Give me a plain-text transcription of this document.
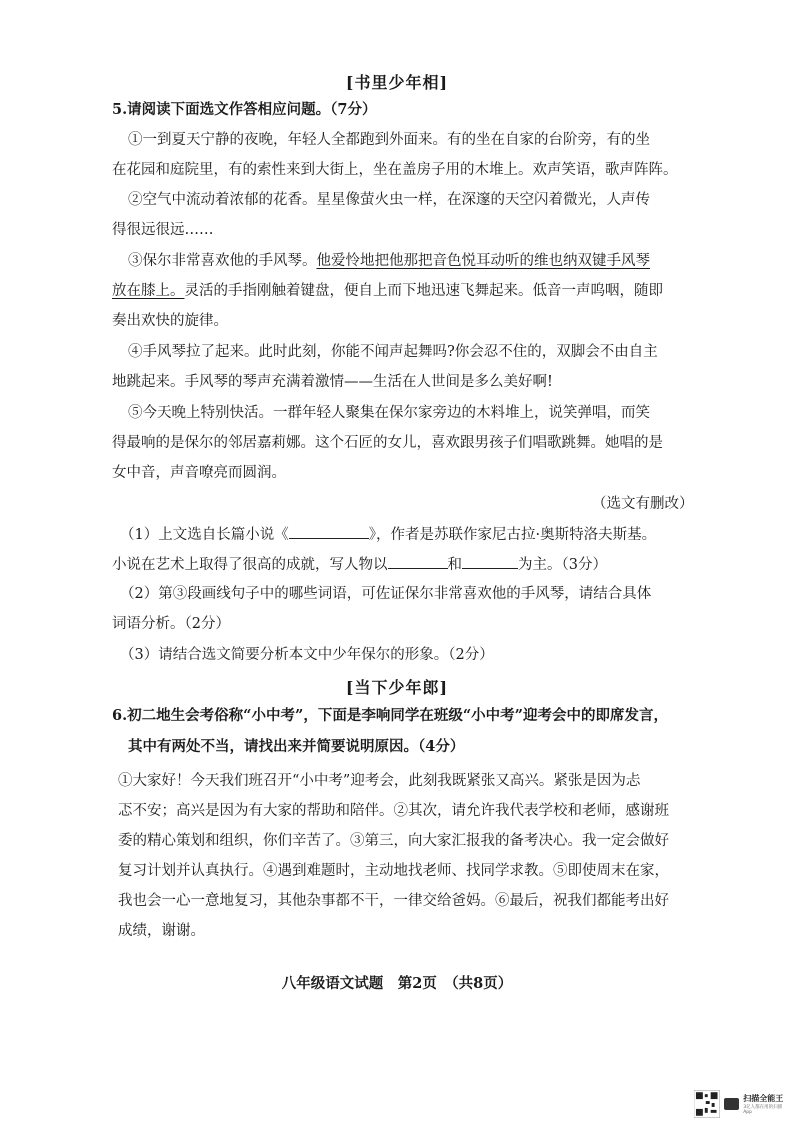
[书里少年相]
5.请阅读下面选文作答相应问题。（7分）
①一到夏天宁静的夜晚，年轻人全都跑到外面来。有的坐在自家的台阶旁，有的坐
在花园和庭院里，有的索性来到大街上，坐在盖房子用的木堆上。欢声笑语，歌声阵阵。
②空气中流动着浓郁的花香。星星像萤火虫一样，在深邃的天空闪着微光，人声传
得很远很远……
③保尔非常喜欢他的手风琴。他爱怜地把他那把音色悦耳动听的维也纳双键手风琴
放在膝上。灵活的手指刚触着键盘，便自上而下地迅速飞舞起来。低音一声呜咽，随即
奏出欢快的旋律。
④手风琴拉了起来。此时此刻，你能不闻声起舞吗?你会忍不住的，双脚会不由自主
地跳起来。手风琴的琴声充满着激情——生活在人世间是多么美好啊!
⑤今天晚上特别快活。一群年轻人聚集在保尔家旁边的木料堆上，说笑弹唱，而笑
得最响的是保尔的邻居嘉莉娜。这个石匠的女儿，喜欢跟男孩子们唱歌跳舞。她唱的是
女中音，声音嘹亮而圆润。
（选文有删改）
（1）上文选自长篇小说《	》，作者是苏联作家尼古拉·奥斯特洛夫斯基。
小说在艺术上取得了很高的成就，写人物以	和	为主。（3分）
（2）第③段画线句子中的哪些词语，可佐证保尔非常喜欢他的手风琴，请结合具体
词语分析。（2分）
（3）请结合选文简要分析本文中少年保尔的形象。（2分）
[当下少年郎]
6.初二地生会考俗称“小中考”，下面是李响同学在班级“小中考”迎考会中的即席发言，
其中有两处不当，请找出来并简要说明原因。（4分）
①大家好！今天我们班召开“小中考”迎考会，此刻我既紧张又高兴。紧张是因为忐
忑不安；高兴是因为有大家的帮助和陪伴。②其次，请允许我代表学校和老师，感谢班
委的精心策划和组织，你们辛苦了。③第三，向大家汇报我的备考决心。我一定会做好
复习计划并认真执行。④遇到难题时，主动地找老师、找同学求教。⑤即使周末在家，
我也会一心一意地复习，其他杂事都不干，一律交给爸妈。⑥最后，祝我们都能考出好
成绩，谢谢。
八年级语文试题　第2页　（共8页）
扫描全能王
3亿人都在用的扫描App
